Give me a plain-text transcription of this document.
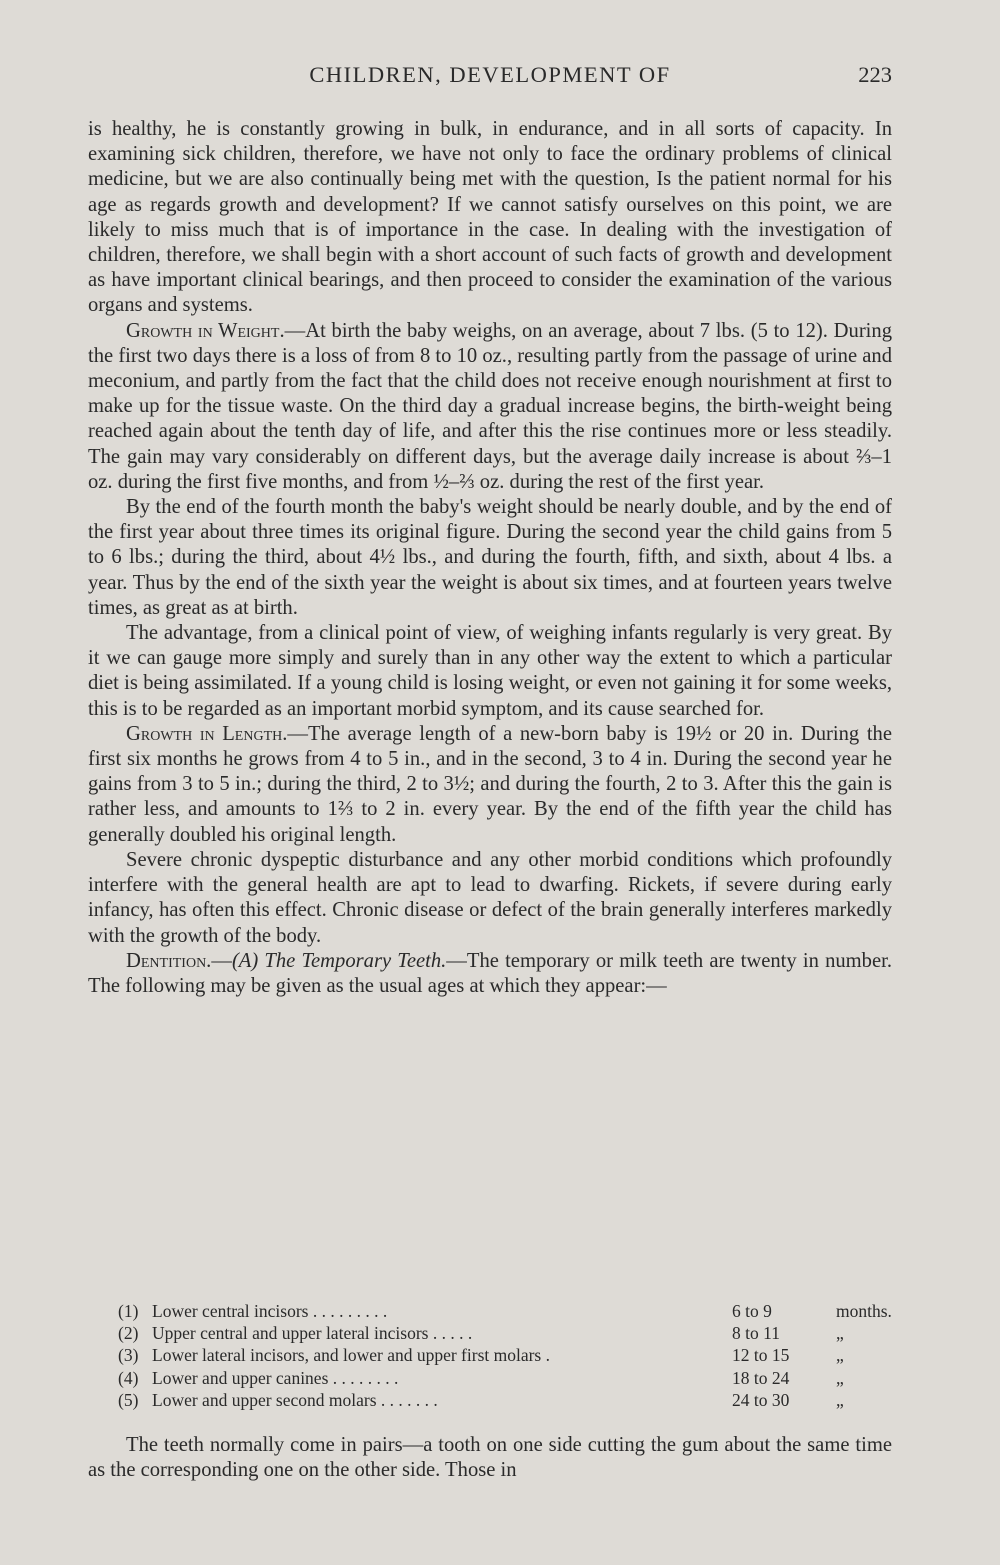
CHILDREN, DEVELOPMENT OF	223

is healthy, he is constantly growing in bulk, in endurance, and in all sorts of capacity. In examining sick children, therefore, we have not only to face the ordinary problems of clinical medicine, but we are also continually being met with the question, Is the patient normal for his age as regards growth and development? If we cannot satisfy ourselves on this point, we are likely to miss much that is of importance in the case. In dealing with the investigation of children, therefore, we shall begin with a short account of such facts of growth and development as have important clinical bearings, and then proceed to consider the examination of the various organs and systems.

Growth in Weight.—At birth the baby weighs, on an average, about 7 lbs. (5 to 12). During the first two days there is a loss of from 8 to 10 oz., resulting partly from the passage of urine and meconium, and partly from the fact that the child does not receive enough nourishment at first to make up for the tissue waste. On the third day a gradual increase begins, the birth-weight being reached again about the tenth day of life, and after this the rise continues more or less steadily. The gain may vary considerably on different days, but the average daily increase is about ⅔–1 oz. during the first five months, and from ½–⅔ oz. during the rest of the first year.

By the end of the fourth month the baby's weight should be nearly double, and by the end of the first year about three times its original figure. During the second year the child gains from 5 to 6 lbs.; during the third, about 4½ lbs., and during the fourth, fifth, and sixth, about 4 lbs. a year. Thus by the end of the sixth year the weight is about six times, and at fourteen years twelve times, as great as at birth.

The advantage, from a clinical point of view, of weighing infants regularly is very great. By it we can gauge more simply and surely than in any other way the extent to which a particular diet is being assimilated. If a young child is losing weight, or even not gaining it for some weeks, this is to be regarded as an important morbid symptom, and its cause searched for.

Growth in Length.—The average length of a new-born baby is 19½ or 20 in. During the first six months he grows from 4 to 5 in., and in the second, 3 to 4 in. During the second year he gains from 3 to 5 in.; during the third, 2 to 3½; and during the fourth, 2 to 3. After this the gain is rather less, and amounts to 1⅔ to 2 in. every year. By the end of the fifth year the child has generally doubled his original length.

Severe chronic dyspeptic disturbance and any other morbid conditions which profoundly interfere with the general health are apt to lead to dwarfing. Rickets, if severe during early infancy, has often this effect. Chronic disease or defect of the brain generally interferes markedly with the growth of the body.

Dentition.—(A) The Temporary Teeth.—The temporary or milk teeth are twenty in number. The following may be given as the usual ages at which they appear:—

(1) Lower central incisors . . . . . . . . .	6 to 9	months.
(2) Upper central and upper lateral incisors . . . . .	8 to 11	„
(3) Lower lateral incisors, and lower and upper first molars .	12 to 15	„
(4) Lower and upper canines . . . . . . . .	18 to 24	„
(5) Lower and upper second molars . . . . . . .	24 to 30	„

The teeth normally come in pairs—a tooth on one side cutting the gum about the same time as the corresponding one on the other side. Those in
